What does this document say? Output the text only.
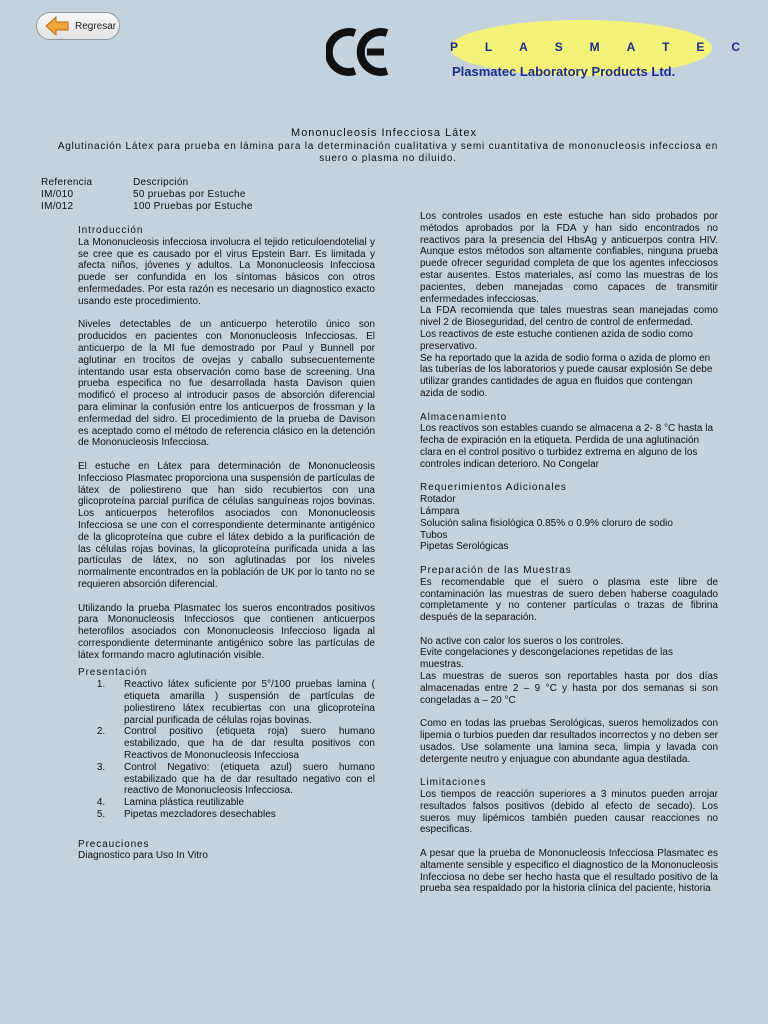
Regresar
P L A S M A T E C
Plasmatec Laboratory Products Ltd.
Mononucleosis Infecciosa Látex
Aglutinación Látex para prueba en lámina para la determinación cualitativa y semi cuantitativa de mononucleosis infecciosa en suero o plasma no diluido.
Referencia	Descripción
IM/010	50 pruebas por Estuche
IM/012	100 Pruebas por Estuche
Introducción
La Mononucleosis infecciosa involucra el tejido reticuloendotelial y se cree que es causado por el virus Epstein Barr. Es limitada y afecta niños, jóvenes y adultos. La Mononucleosis Infecciosa puede ser confundida en los síntomas básicos con otros enfermedades. Por esta razón es necesario un diagnostico exacto usando este procedimiento.
Niveles detectables de un anticuerpo heterotilo único son producidos en pacientes con Mononucleosis Infecciosas. El anticuerpo de la MI fue demostrado por Paul y Bunnell por aglutinar en trocitos de ovejas y caballo subsecuentemente intentando usar esta observación como base de screening. Una prueba especifica no fue desarrollada hasta Davison quien modificó el proceso al introducir pasos de absorción diferencial para eliminar la confusión entre los anticuerpos de frossman y la enfermedad del sidro. El procedimiento de la prueba de Davison es aceptado como el método de referencia clásico en la detención de Mononucleosis Infecciosa.
El estuche en Látex para determinación de Mononucleosis Infeccioso Plasmatec proporciona una suspensión de partículas de látex de poliestireno que han sido recubiertos con una glicoproteína parcial purifica de células sanguíneas rojos bovinas. Los anticuerpos heterofilos asociados con Mononucleosis Infecciosa se une con el correspondiente determinante antigénico de la glicoproteína que cubre el látex debido a la purificación de las células rojas bovinas, la glicoproteína purificada unida a las partículas de látex, no son aglutinadas por los niveles normalmente encontrados en la población de UK por lo tanto no se requieren absorción diferencial.
Utilizando la prueba Plasmatec los sueros encontrados positivos para Mononucleosis Infecciosos que contienen anticuerpos heterofilos asociados con Mononucleosis Infeccioso ligada al correspondiente determinante antigénico sobre las partículas de látex formando macro aglutinación visible.
Presentación
1.	Reactivo látex suficiente por 5°/100 pruebas lamina ( etiqueta amarilla ) suspensión de partículas de poliestireno látex recubiertas con una glicoproteína parcial purificada de células rojas bovinas.
2.	Control positivo (etiqueta roja) suero humano estabilizado, que ha de dar resulta positivos con Reactivos de Mononucleosis Infecciosa
3.	Control Negativo: (etiqueta azul) suero humano estabilizado que ha de dar resultado negativo con el reactivo de Mononucleosis Infecciosa.
4.	Lamina plástica reutilizable
5.	Pipetas mezcladores desechables
Precauciones
Diagnostico para Uso In Vitro
Los controles usados en este estuche han sido probados por métodos aprobados por la FDA y han sido encontrados no reactivos para la presencia del HbsAg y anticuerpos contra HIV. Aunque estos métodos son altamente confiables, ninguna prueba puede ofrecer seguridad completa de que los agentes infecciosos estar ausentes. Estos materiales, así como las muestras de los pacientes, deben manejadas como capaces de transmitir enfermedades infecciosas.
La FDA recomienda que tales muestras sean manejadas como nivel 2 de Bioseguridad, del centro de control de enfermedad.
Los reactivos de este estuche contienen azida de sodio como preservativo.
Se ha reportado que la azida de sodio forma o azida de plomo en las tuberías de los laboratorios y puede causar explosión Se debe utilizar grandes cantidades de agua en fluidos que contengan azida de sodio.
Almacenamiento
Los reactivos son estables cuando se almacena a 2- 8 °C hasta la fecha de expiración en la etiqueta. Perdida de una aglutinación clara en el control positivo o turbidez extrema en alguno de los controles indican deterioro. No Congelar
Requerimientos Adicionales
Rotador
Lámpara
Solución salina fisiológica 0.85% o 0.9% cloruro de sodio
Tubos
Pipetas Serológicas
Preparación de las Muestras
Es recomendable que el suero o plasma este libre de contaminación las muestras de suero deben haberse coagulado completamente y no contener partículas o trazas de fibrina después de la separación.
No active con calor los sueros o los controles.
Evite congelaciones y descongelaciones repetidas de las muestras.
Las muestras de sueros son reportables hasta por dos días almacenadas entre 2 – 9 °C y hasta por dos semanas si son congeladas a – 20 °C
Como en todas las pruebas Serológicas, sueros hemolizados con lipemia o turbios pueden dar resultados incorrectos y no deben ser usados. Use solamente una lamina seca, limpia y lavada con detergente neutro y enjuague con abundante agua destilada.
Limitaciones
Los tiempos de reacción superiores a 3 minutos pueden arrojar resultados falsos positivos (debido al efecto de secado). Los sueros muy lipémicos también pueden causar reacciones no especificas.
A pesar que la prueba de Mononucleosis Infecciosa Plasmatec es altamente sensible y especifico el diagnostico de la Mononucleosis Infecciosa no debe ser hecho hasta que el resultado positivo de la prueba sea respaldado por la historia clínica del paciente, historia
